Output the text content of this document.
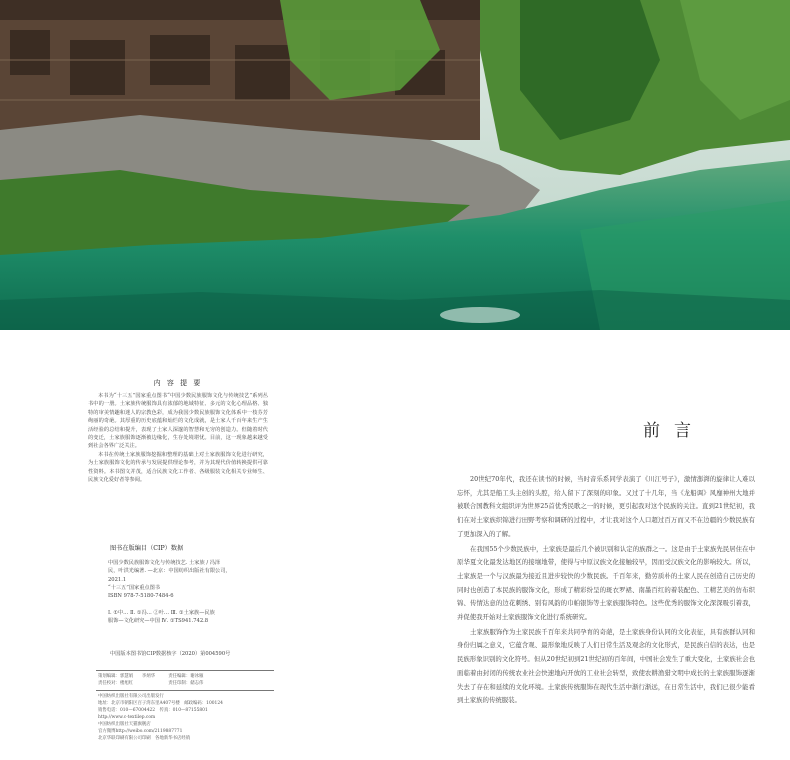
内 容 提 要

本书为“十三五”国家重点图书“中国少数民族服饰文化与传统技艺”系列丛书中的一册。土家族传统服饰具有浓郁的地域特征、多元的文化心理品格、独特的审美情趣和迷人的宗教色彩，成为我国少数民族服饰文化体系中一枝芬芳绚丽的奇葩。其厚重的历史底蕴和灿烂的文化成就，是土家人千百年来生产生活经验的总结和提升，表现了土家人深邃的智慧和无穷的创造力。但随着时代的变迁，土家族服饰逐渐被边缘化，生存处境堪忧。目前，这一现象越来越受到社会各界广泛关注。

本书在传统土家族服饰挖掘和整理的基础上对土家族服饰文化进行研究，为土家族服饰文化的传承与发展提供理论参考，并为其现代价值转换提供可靠性资料。本书图文并茂，适合民族文化工作者、各级服装文化相关专业师生、民族文化爱好者等参阅。

图书在版编目（CIP）数据
中国少数民族服饰文化与传统技艺. 土家族 / 冯泽
民，叶洪光编著. —北京：中国纺织出版社有限公司，
2021.1
“十三五”国家重点图书
ISBN 978-7-5180-7484-6
Ⅰ. ①中… Ⅱ. ①冯… ②叶… Ⅲ. ①土家族—民族
服饰—文化研究—中国 Ⅳ. ①TS941.742.8
中国版本图书馆CIP数据核字（2020）第004590号
策划编辑：郭慧娟　　李炳华　　　责任编辑：谢冰雁
责任校对：楼旭红　　　　　　　　责任印制：储志伟
中国纺织出版社有限公司出版发行
地址：北京市朝阳区百子湾东里A407号楼　邮政编码：100124
销售电话：010—67004422　传真：010—87155801
http://www.c-textilep.com
中国纺织出版社天猫旗舰店
官方微博http://weibo.com/2119887771
北京华联印刷有限公司印刷　各地新华书店经销
前言

20世纪70年代，我还在读书的时候，当时音乐系同学表演了《川江号子》，激情澎湃的旋律让人难以忘怀，尤其是船工头主创的头腔，给人留下了深刻的印象。又过了十几年，当《龙船调》风靡神州大地并被联合国教科文组织评为世界25首优秀民歌之一的时候，更引起我对这个民族的关注。直到21世纪初，我们在对土家族织锦进行田野考察和调研的过程中，才让我对这个人口超过百万而又不在边疆的少数民族有了更加深入的了解。

在我国55个少数民族中，土家族是最后几个被识别和认定的族群之一。这是由于土家族先民居住在中原华夏文化最发达地区的接壤地带，使得与中原汉族文化接触较早，因而受汉族文化的影响较大。所以，土家族是一个与汉族最为接近且进步较快的少数民族。千百年来，勤劳质朴的土家人民在创造自己历史的同时也创造了本民族的服饰文化，形成了精彩纷呈的斑衣罗裙、南墨百红的着装配色、工精艺美的仿布织锦、传情达意的边花刺绣、别有风韵的巾帕银饰等土家族服饰特色。这些优秀的服饰文化深深吸引着我，并促使我开始对土家族服饰文化进行系统研究。

土家族服饰作为土家民族千百年来共同孕育的奇葩，是土家族身份认同的文化表征，具有族群认同和身份归属之意义，它蕴含观、最形象地反映了人们日常生活及观念的文化形式，是民族自信的表达，也是民族形象识别的文化符号。但从20世纪初到21世纪初的百年间，中国社会发生了重大变化，土家族社会也面临着由封闭的传统农业社会快速地向开放的工业社会转型，致使农耕渔猎文明中成长的土家族服饰逐渐失去了存在和延续的文化环境。土家族传统服饰在现代生活中渐行渐远，在日常生活中，我们已很少能看到土家族的传统服装。
